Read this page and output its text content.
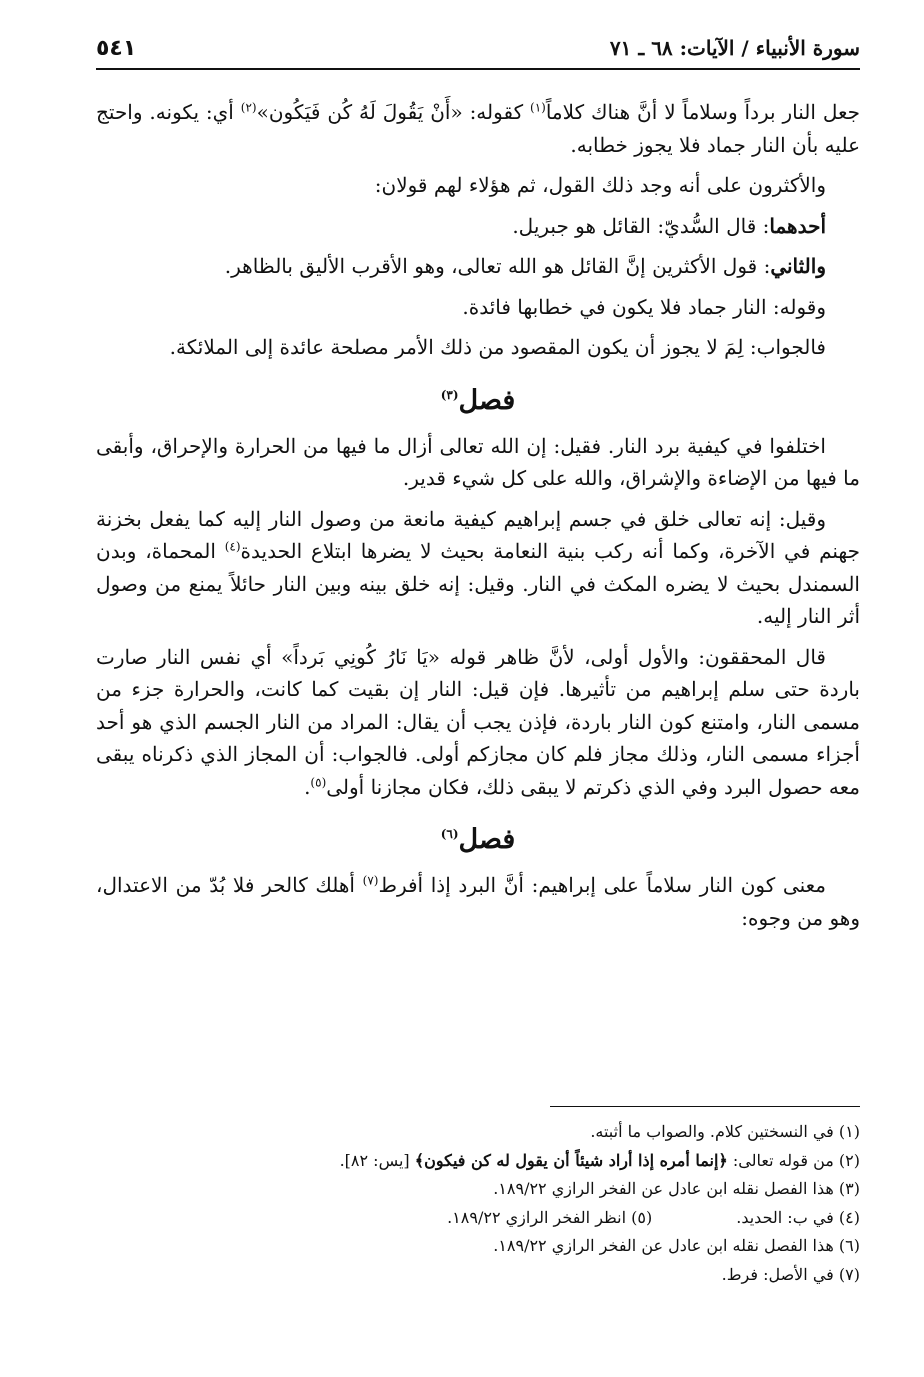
سورة الأنبياء / الآيات: ٦٨ ـ ٧١
٥٤١

جعل النار برداً وسلاماً لا أنَّ هناك كلاماً$^{(١)}$ كقوله: «أَنْ يَقُولَ لَهُ كُن فَيَكُون»$^{(٢)}$ أي: يكونه. واحتج عليه بأن النار جماد فلا يجوز خطابه.

والأكثرون على أنه وجد ذلك القول، ثم هؤلاء لهم قولان:

أحدهما: قال السُّديّ: القائل هو جبريل.

والثاني: قول الأكثرين إنَّ القائل هو الله تعالى، وهو الأقرب الأليق بالظاهر.

وقوله: النار جماد فلا يكون في خطابها فائدة.

فالجواب: لِمَ لا يجوز أن يكون المقصود من ذلك الأمر مصلحة عائدة إلى الملائكة.

فصل$^{(٣)}$

اختلفوا في كيفية برد النار. فقيل: إن الله تعالى أزال ما فيها من الحرارة والإحراق، وأبقى ما فيها من الإضاءة والإشراق، والله على كل شيء قدير.

وقيل: إنه تعالى خلق في جسم إبراهيم كيفية مانعة من وصول النار إليه كما يفعل بخزنة جهنم في الآخرة، وكما أنه ركب بنية النعامة بحيث لا يضرها ابتلاع الحديدة$^{(٤)}$ المحماة، وبدن السمندل بحيث لا يضره المكث في النار. وقيل: إنه خلق بينه وبين النار حائلاً يمنع من وصول أثر النار إليه.

قال المحققون: والأول أولى، لأنَّ ظاهر قوله «يَا نَارُ كُونِي بَرداً» أي نفس النار صارت باردة حتى سلم إبراهيم من تأثيرها. فإن قيل: النار إن بقيت كما كانت، والحرارة جزء من مسمى النار، وامتنع كون النار باردة، فإذن يجب أن يقال: المراد من النار الجسم الذي هو أحد أجزاء مسمى النار، وذلك مجاز فلم كان مجازكم أولى. فالجواب: أن المجاز الذي ذكرناه يبقى معه حصول البرد وفي الذي ذكرتم لا يبقى ذلك، فكان مجازنا أولى$^{(٥)}$.

فصل$^{(٦)}$

معنى كون النار سلاماً على إبراهيم: أنَّ البرد إذا أفرط$^{(٧)}$ أهلك كالحر فلا بُدّ من الاعتدال، وهو من وجوه:

(١) في النسختين كلام. والصواب ما أثبته.
(٢) من قوله تعالى: ﴿إنما أمره إذا أراد شيئاً أن يقول له كن فيكون﴾ [يس: ٨٢].
(٣) هذا الفصل نقله ابن عادل عن الفخر الرازي ١٨٩/٢٢.
(٤) في ب: الحديد.
(٥) انظر الفخر الرازي ١٨٩/٢٢.
(٦) هذا الفصل نقله ابن عادل عن الفخر الرازي ١٨٩/٢٢.
(٧) في الأصل: فرط.
